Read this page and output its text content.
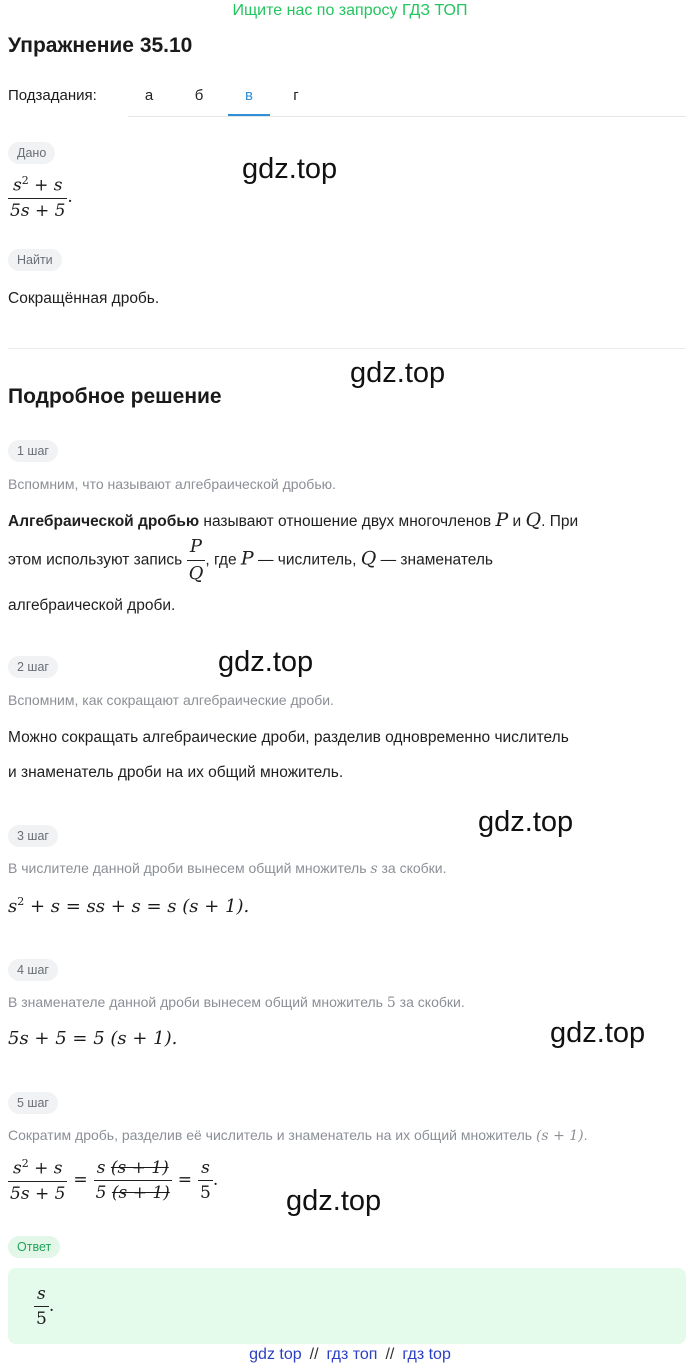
Ищите нас по запросу ГДЗ ТОП
Упражнение 35.10
Подзадания:	а	б	в	г
Дано
$\frac{s^2 + s}{5s + 5}$ .
gdz.top
Найти
Сокращённая дробь.
gdz.top
Подробное решение
1 шаг
Вспомним, что называют алгебраической дробью.
Алгебраической дробью называют отношение двух многочленов P и Q. При
этом используют запись $\frac{P}{Q}$ , где P — числитель, Q — знаменатель
алгебраической дроби.
gdz.top
2 шаг
Вспомним, как сокращают алгебраические дроби.
Можно сокращать алгебраические дроби, разделив одновременно числитель
и знаменатель дроби на их общий множитель.
gdz.top
3 шаг
В числителе данной дроби вынесем общий множитель s за скобки.
$s^2 + s$ = ss + s = s (s + 1).
4 шаг
В знаменателе данной дроби вынесем общий множитель 5 за скобки.
5s + 5 = 5 (s + 1).	gdz.top
5 шаг
Сократим дробь, разделив её числитель и знаменатель на их общий множитель (s + 1).
$\frac{s^2 + s}{5s + 5} = \frac{s (s + 1)}{5 (s + 1)} = \frac{s}{5}$ .
gdz.top
Ответ
$\frac{s}{5}$ .
gdz top // гдз топ // гдз top
